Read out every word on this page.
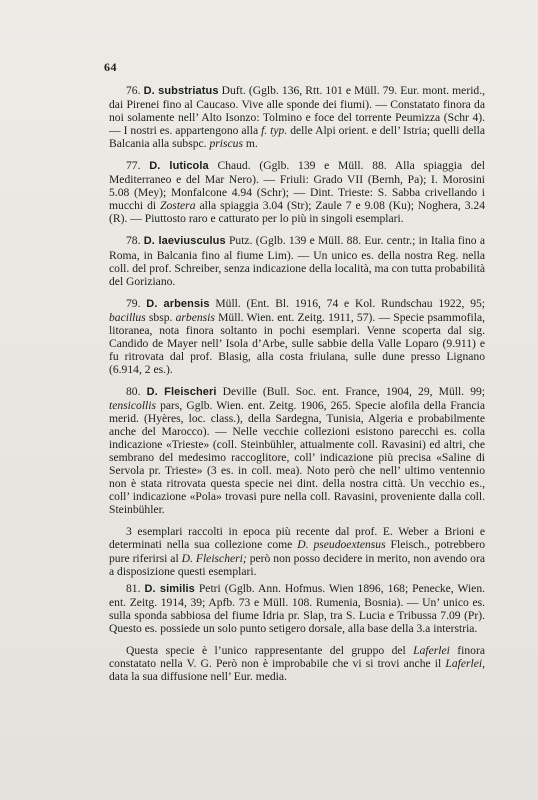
64

76. D. substriatus Duft. (Gglb. 136, Rtt. 101 e Müll. 79. Eur. mont. merid., dai Pirenei fino al Caucaso. Vive alle sponde dei fiumi). — Constatato finora da noi solamente nell’ Alto Isonzo: Tolmino e foce del torrente Peumizza (Schr 4). — I nostri es. appartengono alla f. typ. delle Alpi orient. e dell’ Istria; quelli della Balcania alla subspc. priscus m.

77. D. luticola Chaud. (Gglb. 139 e Müll. 88. Alla spiaggia del Mediterraneo e del Mar Nero). — Friuli: Grado VII (Bernh, Pa); I. Morosini 5.08 (Mey); Monfalcone 4.94 (Schr); — Dint. Trieste: S. Sabba crivellando i mucchi di Zostera alla spiaggia 3.04 (Str); Zaule 7 e 9.08 (Ku); Noghera, 3.24 (R). — Piuttosto raro e catturato per lo più in singoli esemplari.

78. D. laeviusculus Putz. (Gglb. 139 e Müll. 88. Eur. centr.; in Italia fino a Roma, in Balcania fino al fiume Lim). — Un unico es. della nostra Reg. nella coll. del prof. Schreiber, senza indicazione della località, ma con tutta probabilità del Goriziano.

79. D. arbensis Müll. (Ent. Bl. 1916, 74 e Kol. Rundschau 1922, 95; bacillus sbsp. arbensis Müll. Wien. ent. Zeitg. 1911, 57). — Specie psammofila, litoranea, nota finora soltanto in pochi esemplari. Venne scoperta dal sig. Candido de Mayer nell’ Isola d’Arbe, sulle sabbie della Valle Loparo (9.911) e fu ritrovata dal prof. Blasig, alla costa friulana, sulle dune presso Lignano (6.914, 2 es.).

80. D. Fleischeri Deville (Bull. Soc. ent. France, 1904, 29, Müll. 99; tensicollis pars, Gglb. Wien. ent. Zeitg. 1906, 265. Specie alofila della Francia merid. (Hyères, loc. class.), della Sardegna, Tunisia, Algeria e probabilmente anche del Marocco). — Nelle vecchie collezioni esistono parecchi es. colla indicazione «Trieste» (coll. Steinbühler, attualmente coll. Ravasini) ed altri, che sembrano del medesimo raccoglitore, coll’ indicazione più precisa «Saline di Servola pr. Trieste» (3 es. in coll. mea). Noto però che nell’ ultimo ventennio non è stata ritrovata questa specie nei dint. della nostra città. Un vecchio es., coll’ indicazione «Pola» trovasi pure nella coll. Ravasini, proveniente dalla coll. Steinbühler.

3 esemplari raccolti in epoca più recente dal prof. E. Weber a Brioni e determinati nella sua collezione come D. pseudoextensus Fleisch., potrebbero pure riferirsi al D. Fleischeri; però non posso decidere in merito, non avendo ora a disposizione questi esemplari.

81. D. similis Petri (Gglb. Ann. Hofmus. Wien 1896, 168; Penecke, Wien. ent. Zeitg. 1914, 39; Apfb. 73 e Müll. 108. Rumenia, Bosnia). — Un’ unico es. sulla sponda sabbiosa del fiume Idria pr. Slap, tra S. Lucia e Tribussa 7.09 (Pr). Questo es. possiede un solo punto setigero dorsale, alla base della 3.a interstria.

Questa specie è l’unico rappresentante del gruppo del Laferlei finora constatato nella V. G. Però non è improbabile che vi si trovi anche il Laferlei, data la sua diffusione nell’ Eur. media.
